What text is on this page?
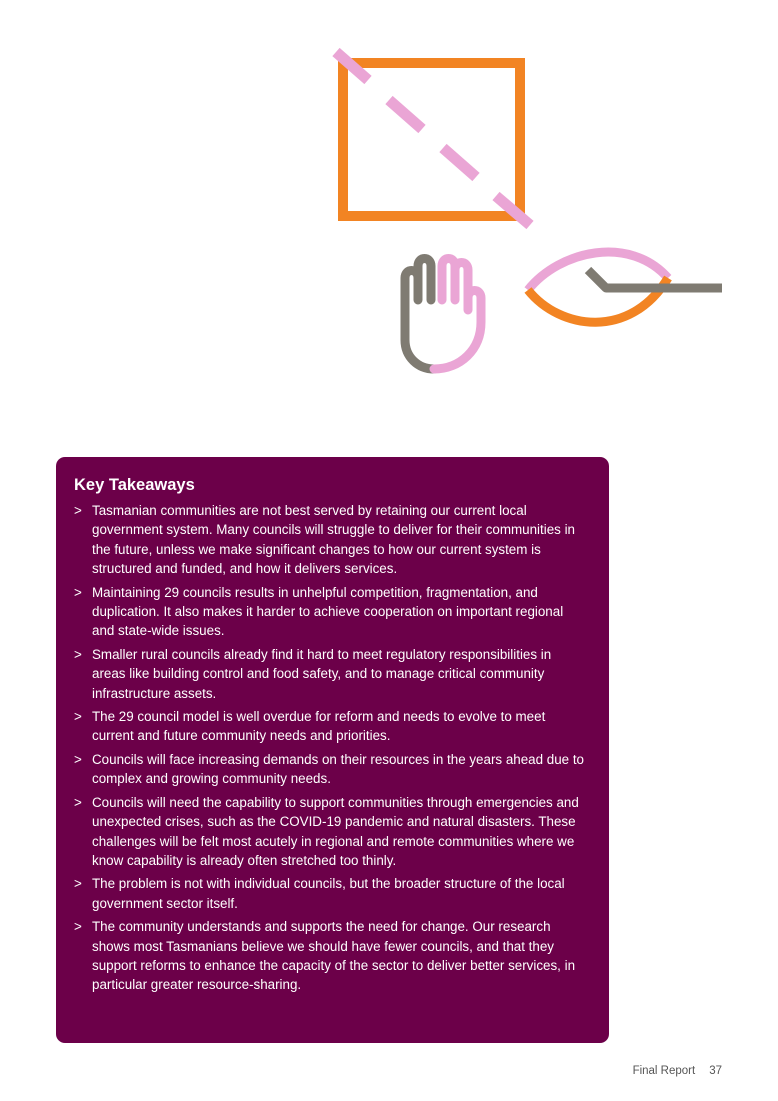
Key Takeaways
> Tasmanian communities are not best served by retaining our current local government system. Many councils will struggle to deliver for their communities in the future, unless we make significant changes to how our current system is structured and funded, and how it delivers services.
> Maintaining 29 councils results in unhelpful competition, fragmentation, and duplication. It also makes it harder to achieve cooperation on important regional and state-wide issues.
> Smaller rural councils already find it hard to meet regulatory responsibilities in areas like building control and food safety, and to manage critical community infrastructure assets.
> The 29 council model is well overdue for reform and needs to evolve to meet current and future community needs and priorities.
> Councils will face increasing demands on their resources in the years ahead due to complex and growing community needs.
> Councils will need the capability to support communities through emergencies and unexpected crises, such as the COVID-19 pandemic and natural disasters. These challenges will be felt most acutely in regional and remote communities where we know capability is already often stretched too thinly.
> The problem is not with individual councils, but the broader structure of the local government sector itself.
> The community understands and supports the need for change. Our research shows most Tasmanians believe we should have fewer councils, and that they support reforms to enhance the capacity of the sector to deliver better services, in particular greater resource-sharing.
Final Report 37
